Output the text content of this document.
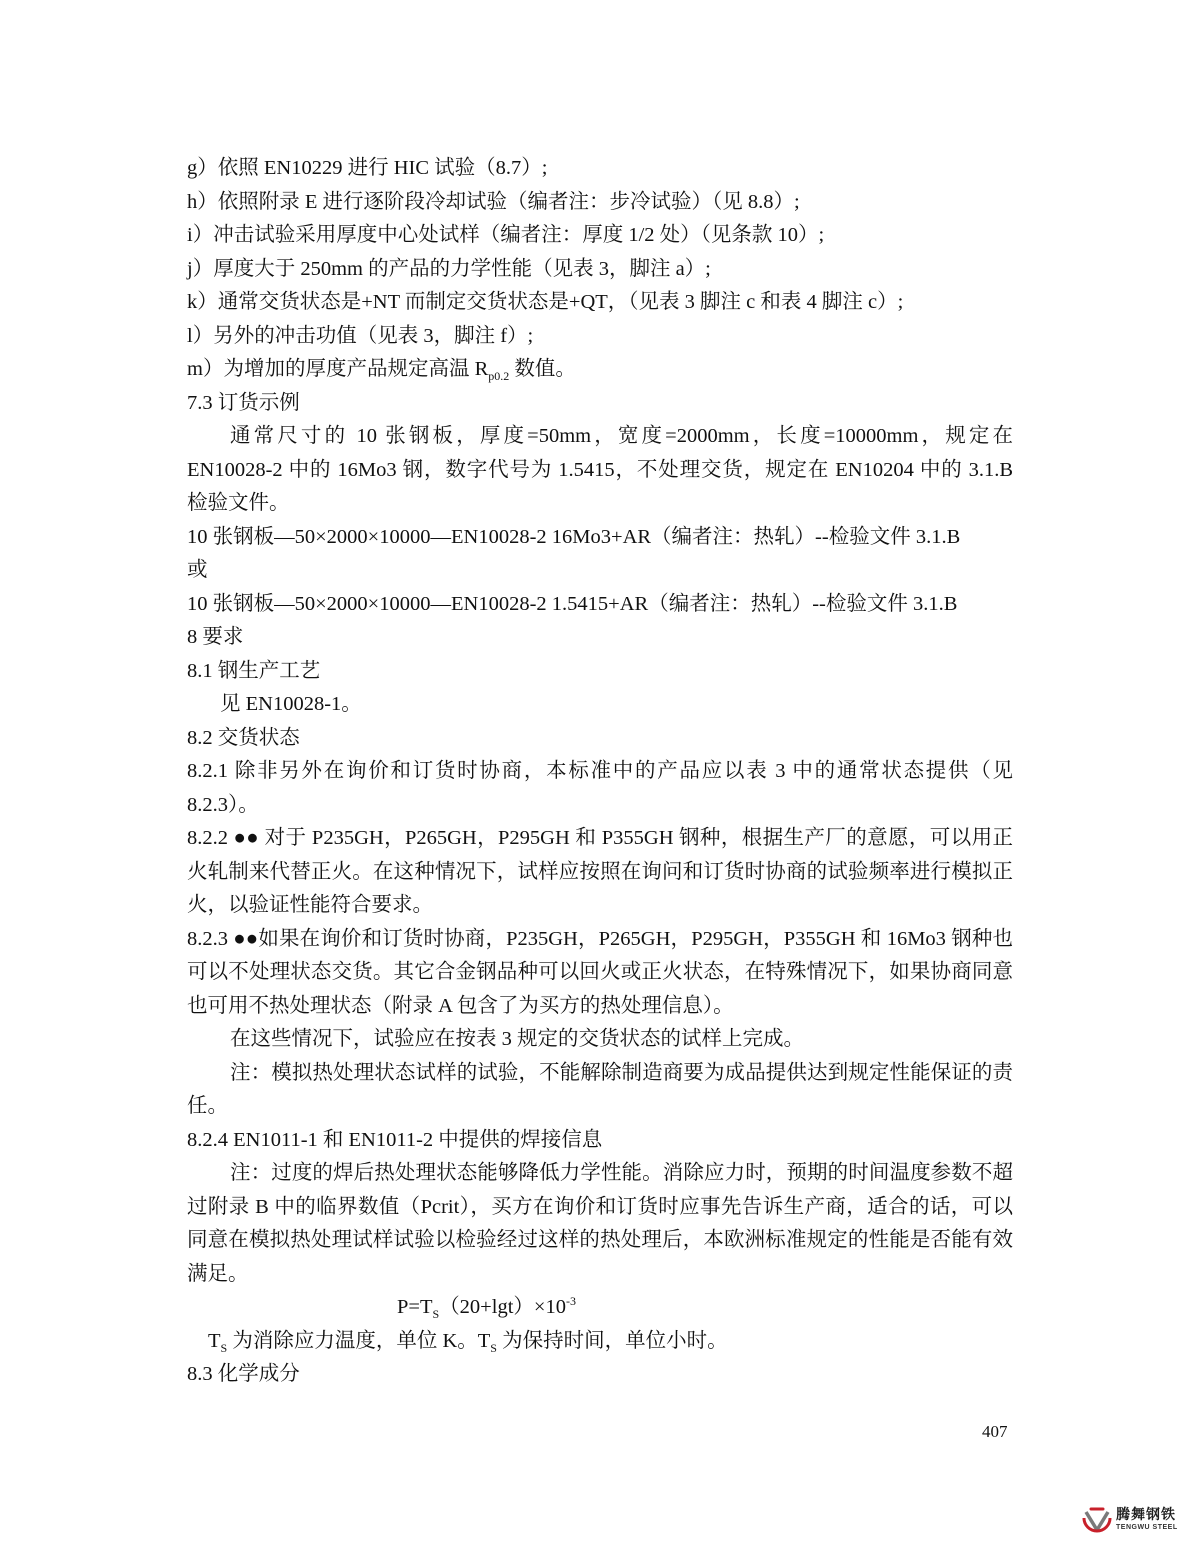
g）依照 EN10229 进行 HIC 试验（8.7）;
h）依照附录 E 进行逐阶段冷却试验（编者注：步冷试验）（见 8.8）;
i）冲击试验采用厚度中心处试样（编者注：厚度 1/2 处）（见条款 10）;
j）厚度大于 250mm 的产品的力学性能（见表 3，脚注 a）;
k）通常交货状态是+NT 而制定交货状态是+QT，（见表 3 脚注 c 和表 4 脚注 c）;
l）另外的冲击功值（见表 3，脚注 f）;
m）为增加的厚度产品规定高温 $R_{p0.2}$ 数值。
7.3 订货示例
通常尺寸的 10 张钢板，厚度=50mm，宽度=2000mm，长度=10000mm，规定在 EN10028-2 中的 16Mo3 钢，数字代号为 1.5415，不处理交货，规定在 EN10204 中的 3.1.B 检验文件。
10 张钢板—50×2000×10000—EN10028-2 16Mo3+AR（编者注：热轧）--检验文件 3.1.B
或
10 张钢板—50×2000×10000—EN10028-2 1.5415+AR（编者注：热轧）--检验文件 3.1.B
8 要求
8.1 钢生产工艺
见 EN10028-1。
8.2 交货状态
8.2.1 除非另外在询价和订货时协商，本标准中的产品应以表 3 中的通常状态提供（见 8.2.3）。
8.2.2 ●● 对于 P235GH，P265GH，P295GH 和 P355GH 钢种，根据生产厂的意愿，可以用正火轧制来代替正火。在这种情况下，试样应按照在询问和订货时协商的试验频率进行模拟正火，以验证性能符合要求。
8.2.3 ●●如果在询价和订货时协商，P235GH，P265GH，P295GH，P355GH 和 16Mo3 钢种也可以不处理状态交货。其它合金钢品种可以回火或正火状态，在特殊情况下，如果协商同意也可用不热处理状态（附录 A 包含了为买方的热处理信息）。
在这些情况下，试验应在按表 3 规定的交货状态的试样上完成。
注：模拟热处理状态试样的试验，不能解除制造商要为成品提供达到规定性能保证的责任。
8.2.4 EN1011-1 和 EN1011-2 中提供的焊接信息
注：过度的焊后热处理状态能够降低力学性能。消除应力时，预期的时间温度参数不超过附录 B 中的临界数值（Pcrit），买方在询价和订货时应事先告诉生产商，适合的话，可以同意在模拟热处理试样试验以检验经过这样的热处理后，本欧洲标准规定的性能是否能有效满足。
$P=T_S(20+\lg t)\times 10^{-3}$
$T_S$ 为消除应力温度，单位 K。$T_S$ 为保持时间，单位小时。
8.3 化学成分
407
腾舞钢铁
TENGWU STEEL
